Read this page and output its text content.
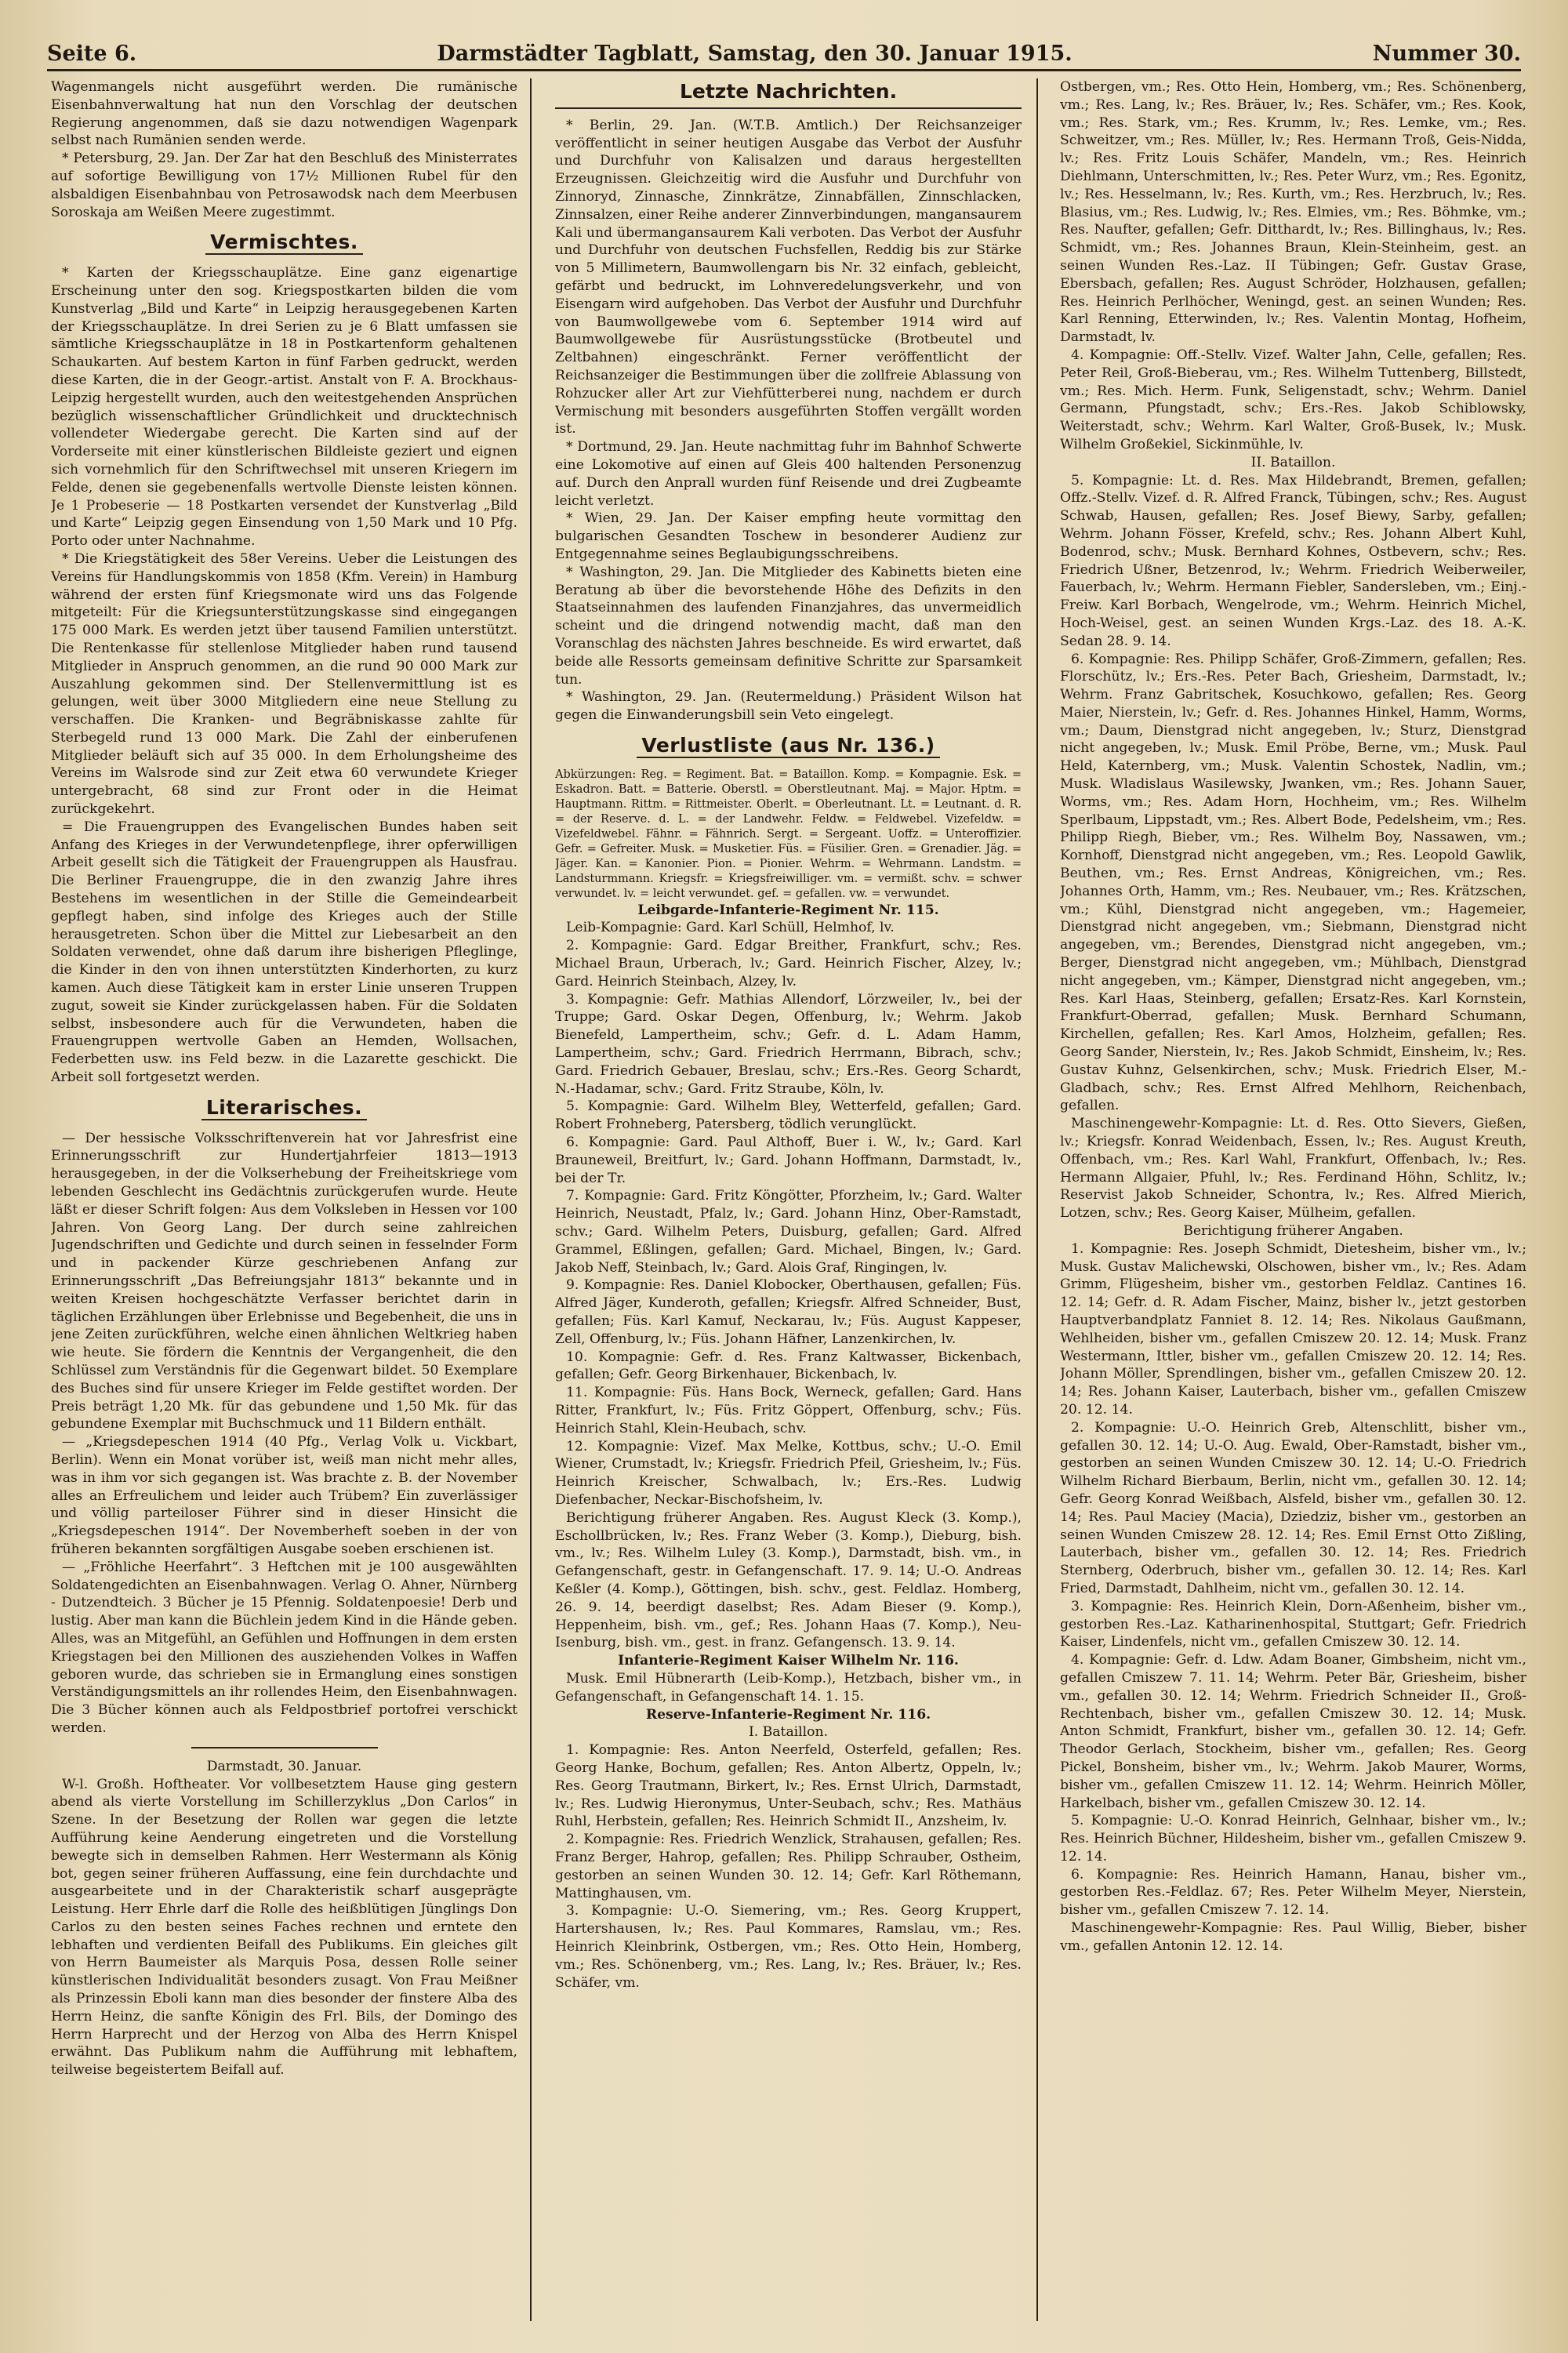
Seite 6.	Darmstädter Tagblatt, Samstag, den 30. Januar 1915.	Nummer 30.

Wagenmangels nicht ausgeführt werden. Die rumänische Eisenbahnverwaltung hat nun den Vorschlag der deutschen Regierung angenommen, daß sie dazu notwendigen Wagenpark selbst nach Rumänien senden werde.

* Petersburg, 29. Jan. Der Zar hat den Beschluß des Ministerrates auf sofortige Bewilligung von 17½ Millionen Rubel für den alsbaldigen Eisenbahnbau von Petrosawodsk nach dem Meerbusen Soroskaja am Weißen Meere zugestimmt.

Vermischtes.

* Karten der Kriegsschauplätze. Eine ganz eigenartige Erscheinung unter den sog. Kriegspostkarten bilden die vom Kunstverlag „Bild und Karte“ in Leipzig herausgegebenen Karten der Kriegsschauplätze. In drei Serien zu je 6 Blatt umfassen sie sämtliche Kriegsschauplätze in 18 in Postkartenform gehaltenen Schaukarten. Auf bestem Karton in fünf Farben gedruckt, werden diese Karten, die in der Geogr.-artist. Anstalt von F. A. Brockhaus-Leipzig hergestellt wurden, auch den weitestgehenden Ansprüchen bezüglich wissenschaftlicher Gründlichkeit und drucktechnisch vollendeter Wiedergabe gerecht. Die Karten sind auf der Vorderseite mit einer künstlerischen Bildleiste geziert und eignen sich vornehmlich für den Schriftwechsel mit unseren Kriegern im Felde, denen sie gegebenenfalls wertvolle Dienste leisten können. Je 1 Probeserie — 18 Postkarten versendet der Kunstverlag „Bild und Karte“ Leipzig gegen Einsendung von 1,50 Mark und 10 Pfg. Porto oder unter Nachnahme.

* Die Kriegstätigkeit des 58er Vereins. Ueber die Leistungen des Vereins für Handlungskommis von 1858 (Kfm. Verein) in Hamburg während der ersten fünf Kriegsmonate wird uns das Folgende mitgeteilt: Für die Kriegsunterstützungskasse sind eingegangen 175 000 Mark. Es werden jetzt über tausend Familien unterstützt. Die Rentenkasse für stellenlose Mitglieder haben rund tausend Mitglieder in Anspruch genommen, an die rund 90 000 Mark zur Auszahlung gekommen sind. Der Stellenvermittlung ist es gelungen, weit über 3000 Mitgliedern eine neue Stellung zu verschaffen. Die Kranken- und Begräbniskasse zahlte für Sterbegeld rund 13 000 Mark. Die Zahl der einberufenen Mitglieder beläuft sich auf 35 000. In dem Erholungsheime des Vereins im Walsrode sind zur Zeit etwa 60 verwundete Krieger untergebracht, 68 sind zur Front oder in die Heimat zurückgekehrt.

= Die Frauengruppen des Evangelischen Bundes haben seit Anfang des Krieges in der Verwundetenpflege, ihrer opferwilligen Arbeit gesellt sich die Tätigkeit der Frauengruppen als Hausfrau. Die Berliner Frauengruppe, die in den zwanzig Jahre ihres Bestehens im wesentlichen in der Stille die Gemeindearbeit gepflegt haben, sind infolge des Krieges auch der Stille herausgetreten. Schon über die Mittel zur Liebesarbeit an den Soldaten verwendet, ohne daß darum ihre bisherigen Pfleglinge, die Kinder in den von ihnen unterstützten Kinderhorten, zu kurz kamen. Auch diese Tätigkeit kam in erster Linie unseren Truppen zugut, soweit sie Kinder zurückgelassen haben. Für die Soldaten selbst, insbesondere auch für die Verwundeten, haben die Frauengruppen wertvolle Gaben an Hemden, Wollsachen, Federbetten usw. ins Feld bezw. in die Lazarette geschickt. Die Arbeit soll fortgesetzt werden.

Literarisches.

— Der hessische Volksschriftenverein hat vor Jahresfrist eine Erinnerungsschrift zur Hundertjahrfeier 1813—1913 herausgegeben, in der die Volkserhebung der Freiheitskriege vom lebenden Geschlecht ins Gedächtnis zurückgerufen wurde. Heute läßt er dieser Schrift folgen: Aus dem Volksleben in Hessen vor 100 Jahren. Von Georg Lang. Der durch seine zahlreichen Jugendschriften und Gedichte und durch seinen in fesselnder Form und in packender Kürze geschriebenen Anfang zur Erinnerungsschrift „Das Befreiungsjahr 1813“ bekannte und in weiten Kreisen hochgeschätzte Verfasser berichtet darin in täglichen Erzählungen über Erlebnisse und Begebenheit, die uns in jene Zeiten zurückführen, welche einen ähnlichen Weltkrieg haben wie heute. Sie fördern die Kenntnis der Vergangenheit, die den Schlüssel zum Verständnis für die Gegenwart bildet. 50 Exemplare des Buches sind für unsere Krieger im Felde gestiftet worden. Der Preis beträgt 1,20 Mk. für das gebundene und 1,50 Mk. für das gebundene Exemplar mit Buchschmuck und 11 Bildern enthält.

— „Kriegsdepeschen 1914 (40 Pfg., Verlag Volk u. Vickbart, Berlin). Wenn ein Monat vorüber ist, weiß man nicht mehr alles, was in ihm vor sich gegangen ist. Was brachte z. B. der November alles an Erfreulichem und leider auch Trübem? Ein zuverlässiger und völlig parteiloser Führer sind in dieser Hinsicht die „Kriegsdepeschen 1914“. Der Novemberheft soeben in der von früheren bekannten sorgfältigen Ausgabe soeben erschienen ist.

— „Fröhliche Heerfahrt“. 3 Heftchen mit je 100 ausgewählten Soldatengedichten an Eisenbahnwagen. Verlag O. Ahner, Nürnberg - Dutzendteich. 3 Bücher je 15 Pfennig. Soldatenpoesie! Derb und lustig. Aber man kann die Büchlein jedem Kind in die Hände geben. Alles, was an Mitgefühl, an Gefühlen und Hoffnungen in dem ersten Kriegstagen bei den Millionen des ausziehenden Volkes in Waffen geboren wurde, das schrieben sie in Ermanglung eines sonstigen Verständigungsmittels an ihr rollendes Heim, den Eisenbahnwagen. Die 3 Bücher können auch als Feldpostbrief portofrei verschickt werden.

Darmstadt, 30. Januar.

W-l. Großh. Hoftheater. Vor vollbesetztem Hause ging gestern abend als vierte Vorstellung im Schillerzyklus „Don Carlos“ in Szene. In der Besetzung der Rollen war gegen die letzte Aufführung keine Aenderung eingetreten und die Vorstellung bewegte sich in demselben Rahmen. Herr Westermann als König bot, gegen seiner früheren Auffassung, eine fein durchdachte und ausgearbeitete und in der Charakteristik scharf ausgeprägte Leistung. Herr Ehrle darf die Rolle des heißblütigen Jünglings Don Carlos zu den besten seines Faches rechnen und erntete den lebhaften und verdienten Beifall des Publikums. Ein gleiches gilt von Herrn Baumeister als Marquis Posa, dessen Rolle seiner künstlerischen Individualität besonders zusagt. Von Frau Meißner als Prinzessin Eboli kann man dies besonder der finstere Alba des Herrn Heinz, die sanfte Königin des Frl. Bils, der Domingo des Herrn Harprecht und der Herzog von Alba des Herrn Knispel erwähnt. Das Publikum nahm die Aufführung mit lebhaftem, teilweise begeistertem Beifall auf.

Letzte Nachrichten.

* Berlin, 29. Jan. (W.T.B. Amtlich.) Der Reichsanzeiger veröffentlicht in seiner heutigen Ausgabe das Verbot der Ausfuhr und Durchfuhr von Kalisalzen und daraus hergestellten Erzeugnissen. Gleichzeitig wird die Ausfuhr und Durchfuhr von Zinnoryd, Zinnasche, Zinnkrätze, Zinnabfällen, Zinnschlacken, Zinnsalzen, einer Reihe anderer Zinnverbindungen, mangansaurem Kali und übermangansaurem Kali verboten. Das Verbot der Ausfuhr und Durchfuhr von deutschen Fuchsfellen, Reddig bis zur Stärke von 5 Millimetern, Baumwollengarn bis Nr. 32 einfach, gebleicht, gefärbt und bedruckt, im Lohnveredelungsverkehr, und von Eisengarn wird aufgehoben. Das Verbot der Ausfuhr und Durchfuhr von Baumwollgewebe vom 6. September 1914 wird auf Baumwollgewebe für Ausrüstungsstücke (Brotbeutel und Zeltbahnen) eingeschränkt. Ferner veröffentlicht der Reichsanzeiger die Bestimmungen über die zollfreie Ablassung von Rohzucker aller Art zur Viehfütterberei nung, nachdem er durch Vermischung mit besonders ausgeführten Stoffen vergällt worden ist.

* Dortmund, 29. Jan. Heute nachmittag fuhr im Bahnhof Schwerte eine Lokomotive auf einen auf Gleis 400 haltenden Personenzug auf. Durch den Anprall wurden fünf Reisende und drei Zugbeamte leicht verletzt.

* Wien, 29. Jan. Der Kaiser empfing heute vormittag den bulgarischen Gesandten Toschew in besonderer Audienz zur Entgegennahme seines Beglaubigungsschreibens.

* Washington, 29. Jan. Die Mitglieder des Kabinetts bieten eine Beratung ab über die bevorstehende Höhe des Defizits in den Staatseinnahmen des laufenden Finanzjahres, das unvermeidlich scheint und die dringend notwendig macht, daß man den Voranschlag des nächsten Jahres beschneide. Es wird erwartet, daß beide alle Ressorts gemeinsam definitive Schritte zur Sparsamkeit tun.

* Washington, 29. Jan. (Reutermeldung.) Präsident Wilson hat gegen die Einwanderungsbill sein Veto eingelegt.

Verlustliste (aus Nr. 136.)

Abkürzungen: Reg. = Regiment. Bat. = Bataillon. Komp. = Kompagnie. Esk. = Eskadron. Batt. = Batterie. Oberstl. = Oberstleutnant. Maj. = Major. Hptm. = Hauptmann. Rittm. = Rittmeister. Oberlt. = Oberleutnant. Lt. = Leutnant. d. R. = der Reserve. d. L. = der Landwehr. Feldw. = Feldwebel. Vizefeldw. = Vizefeldwebel. Fähnr. = Fähnrich. Sergt. = Sergeant. Uoffz. = Unteroffizier. Gefr. = Gefreiter. Musk. = Musketier. Füs. = Füsilier. Gren. = Grenadier. Jäg. = Jäger. Kan. = Kanonier. Pion. = Pionier. Wehrm. = Wehrmann. Landstm. = Landsturmmann. Kriegsfr. = Kriegsfreiwilliger. vm. = vermißt. schv. = schwer verwundet. lv. = leicht verwundet. gef. = gefallen. vw. = verwundet.

Leibgarde-Infanterie-Regiment Nr. 115.

Leib-Kompagnie: Gard. Karl Schüll, Helmhof, lv.

2. Kompagnie: Gard. Edgar Breither, Frankfurt, schv.; Res. Michael Braun, Urberach, lv.; Gard. Heinrich Fischer, Alzey, lv.; Gard. Heinrich Steinbach, Alzey, lv.

3. Kompagnie: Gefr. Mathias Allendorf, Lörzweiler, lv., bei der Truppe; Gard. Oskar Degen, Offenburg, lv.; Wehrm. Jakob Bienefeld, Lampertheim, schv.; Gefr. d. L. Adam Hamm, Lampertheim, schv.; Gard. Friedrich Herrmann, Bibrach, schv.; Gard. Friedrich Gebauer, Breslau, schv.; Ers.-Res. Georg Schardt, N.-Hadamar, schv.; Gard. Fritz Straube, Köln, lv.

5. Kompagnie: Gard. Wilhelm Bley, Wetterfeld, gefallen; Gard. Robert Frohneberg, Patersberg, tödlich verunglückt.

6. Kompagnie: Gard. Paul Althoff, Buer i. W., lv.; Gard. Karl Brauneweil, Breitfurt, lv.; Gard. Johann Hoffmann, Darmstadt, lv., bei der Tr.

7. Kompagnie: Gard. Fritz Köngötter, Pforzheim, lv.; Gard. Walter Heinrich, Neustadt, Pfalz, lv.; Gard. Johann Hinz, Ober-Ramstadt, schv.; Gard. Wilhelm Peters, Duisburg, gefallen; Gard. Alfred Grammel, Eßlingen, gefallen; Gard. Michael, Bingen, lv.; Gard. Jakob Neff, Steinbach, lv.; Gard. Alois Graf, Ringingen, lv.

9. Kompagnie: Res. Daniel Klobocker, Oberthausen, gefallen; Füs. Alfred Jäger, Kunderoth, gefallen; Kriegsfr. Alfred Schneider, Bust, gefallen; Füs. Karl Kamuf, Neckarau, lv.; Füs. August Kappeser, Zell, Offenburg, lv.; Füs. Johann Häfner, Lanzenkirchen, lv.

10. Kompagnie: Gefr. d. Res. Franz Kaltwasser, Bickenbach, gefallen; Gefr. Georg Birkenhauer, Bickenbach, lv.

11. Kompagnie: Füs. Hans Bock, Werneck, gefallen; Gard. Hans Ritter, Frankfurt, lv.; Füs. Fritz Göppert, Offenburg, schv.; Füs. Heinrich Stahl, Klein-Heubach, schv.

12. Kompagnie: Vizef. Max Melke, Kottbus, schv.; U.-O. Emil Wiener, Crumstadt, lv.; Kriegsfr. Friedrich Pfeil, Griesheim, lv.; Füs. Heinrich Kreischer, Schwalbach, lv.; Ers.-Res. Ludwig Diefenbacher, Neckar-Bischofsheim, lv.

Berichtigung früherer Angaben. Res. August Kleck (3. Komp.), Eschollbrücken, lv.; Res. Franz Weber (3. Komp.), Dieburg, bish. vm., lv.; Res. Wilhelm Luley (3. Komp.), Darmstadt, bish. vm., in Gefangenschaft, gestr. in Gefangenschaft. 17. 9. 14; U.-O. Andreas Keßler (4. Komp.), Göttingen, bish. schv., gest. Feldlaz. Homberg, 26. 9. 14, beerdigt daselbst; Res. Adam Bieser (9. Komp.), Heppenheim, bish. vm., gef.; Res. Johann Haas (7. Komp.), Neu-Isenburg, bish. vm., gest. in franz. Gefangensch. 13. 9. 14.

Infanterie-Regiment Kaiser Wilhelm Nr. 116.

Musk. Emil Hübnerarth (Leib-Komp.), Hetzbach, bisher vm., in Gefangenschaft, in Gefangenschaft 14. 1. 15.

Reserve-Infanterie-Regiment Nr. 116.

I. Bataillon.

1. Kompagnie: Res. Anton Neerfeld, Osterfeld, gefallen; Res. Georg Hanke, Bochum, gefallen; Res. Anton Albertz, Oppeln, lv.; Res. Georg Trautmann, Birkert, lv.; Res. Ernst Ulrich, Darmstadt, lv.; Res. Ludwig Hieronymus, Unter-Seubach, schv.; Res. Mathäus Ruhl, Herbstein, gefallen; Res. Heinrich Schmidt II., Anzsheim, lv.

2. Kompagnie: Res. Friedrich Wenzlick, Strahausen, gefallen; Res. Franz Berger, Hahrop, gefallen; Res. Philipp Schrauber, Ostheim, gestorben an seinen Wunden 30. 12. 14; Gefr. Karl Röthemann, Mattinghausen, vm.

3. Kompagnie: U.-O. Siemering, vm.; Res. Georg Kruppert, Hartershausen, lv.; Res. Paul Kommares, Ramslau, vm.; Res. Heinrich Kleinbrink, Ostbergen, vm.; Res. Otto Hein, Homberg, vm.; Res. Schönenberg, vm.; Res. Lang, lv.; Res. Bräuer, lv.; Res. Schäfer, vm.

Ostbergen, vm.; Res. Otto Hein, Homberg, vm.; Res. Schönenberg, vm.; Res. Lang, lv.; Res. Bräuer, lv.; Res. Schäfer, vm.; Res. Kook, vm.; Res. Stark, vm.; Res. Krumm, lv.; Res. Lemke, vm.; Res. Schweitzer, vm.; Res. Müller, lv.; Res. Hermann Troß, Geis-Nidda, lv.; Res. Fritz Louis Schäfer, Mandeln, vm.; Res. Heinrich Diehlmann, Unterschmitten, lv.; Res. Peter Wurz, vm.; Res. Egonitz, lv.; Res. Hesselmann, lv.; Res. Kurth, vm.; Res. Herzbruch, lv.; Res. Blasius, vm.; Res. Ludwig, lv.; Res. Elmies, vm.; Res. Böhmke, vm.; Res. Naufter, gefallen; Gefr. Ditthardt, lv.; Res. Billinghaus, lv.; Res. Schmidt, vm.; Res. Johannes Braun, Klein-Steinheim, gest. an seinen Wunden Res.-Laz. II Tübingen; Gefr. Gustav Grase, Ebersbach, gefallen; Res. August Schröder, Holzhausen, gefallen; Res. Heinrich Perlhöcher, Weningd, gest. an seinen Wunden; Res. Karl Renning, Etterwinden, lv.; Res. Valentin Montag, Hofheim, Darmstadt, lv.

4. Kompagnie: Off.-Stellv. Vizef. Walter Jahn, Celle, gefallen; Res. Peter Reil, Groß-Bieberau, vm.; Res. Wilhelm Tuttenberg, Billstedt, vm.; Res. Mich. Herm. Funk, Seligenstadt, schv.; Wehrm. Daniel Germann, Pfungstadt, schv.; Ers.-Res. Jakob Schiblowsky, Weiterstadt, schv.; Wehrm. Karl Walter, Groß-Busek, lv.; Musk. Wilhelm Großekiel, Sickinmühle, lv.

II. Bataillon.

5. Kompagnie: Lt. d. Res. Max Hildebrandt, Bremen, gefallen; Offz.-Stellv. Vizef. d. R. Alfred Franck, Tübingen, schv.; Res. August Schwab, Hausen, gefallen; Res. Josef Biewy, Sarby, gefallen; Wehrm. Johann Fösser, Krefeld, schv.; Res. Johann Albert Kuhl, Bodenrod, schv.; Musk. Bernhard Kohnes, Ostbevern, schv.; Res. Friedrich Ußner, Betzenrod, lv.; Wehrm. Friedrich Weiberweiler, Fauerbach, lv.; Wehrm. Hermann Fiebler, Sandersleben, vm.; Einj.-Freiw. Karl Borbach, Wengelrode, vm.; Wehrm. Heinrich Michel, Hoch-Weisel, gest. an seinen Wunden Krgs.-Laz. des 18. A.-K. Sedan 28. 9. 14.

6. Kompagnie: Res. Philipp Schäfer, Groß-Zimmern, gefallen; Res. Florschütz, lv.; Ers.-Res. Peter Bach, Griesheim, Darmstadt, lv.; Wehrm. Franz Gabritschek, Kosuchkowo, gefallen; Res. Georg Maier, Nierstein, lv.; Gefr. d. Res. Johannes Hinkel, Hamm, Worms, vm.; Daum, Dienstgrad nicht angegeben, lv.; Sturz, Dienstgrad nicht angegeben, lv.; Musk. Emil Pröbe, Berne, vm.; Musk. Paul Held, Katernberg, vm.; Musk. Valentin Schostek, Nadlin, vm.; Musk. Wladislaus Wasilewsky, Jwanken, vm.; Res. Johann Sauer, Worms, vm.; Res. Adam Horn, Hochheim, vm.; Res. Wilhelm Sperlbaum, Lippstadt, vm.; Res. Albert Bode, Pedelsheim, vm.; Res. Philipp Riegh, Bieber, vm.; Res. Wilhelm Boy, Nassawen, vm.; Kornhoff, Dienstgrad nicht angegeben, vm.; Res. Leopold Gawlik, Beuthen, vm.; Res. Ernst Andreas, Königreichen, vm.; Res. Johannes Orth, Hamm, vm.; Res. Neubauer, vm.; Res. Krätzschen, vm.; Kühl, Dienstgrad nicht angegeben, vm.; Hagemeier, Dienstgrad nicht angegeben, vm.; Siebmann, Dienstgrad nicht angegeben, vm.; Berendes, Dienstgrad nicht angegeben, vm.; Berger, Dienstgrad nicht angegeben, vm.; Mühlbach, Dienstgrad nicht angegeben, vm.; Kämper, Dienstgrad nicht angegeben, vm.; Res. Karl Haas, Steinberg, gefallen; Ersatz-Res. Karl Kornstein, Frankfurt-Oberrad, gefallen; Musk. Bernhard Schumann, Kirchellen, gefallen; Res. Karl Amos, Holzheim, gefallen; Res. Georg Sander, Nierstein, lv.; Res. Jakob Schmidt, Einsheim, lv.; Res. Gustav Kuhnz, Gelsenkirchen, schv.; Musk. Friedrich Elser, M.-Gladbach, schv.; Res. Ernst Alfred Mehlhorn, Reichenbach, gefallen.

Maschinengewehr-Kompagnie: Lt. d. Res. Otto Sievers, Gießen, lv.; Kriegsfr. Konrad Weidenbach, Essen, lv.; Res. August Kreuth, Offenbach, vm.; Res. Karl Wahl, Frankfurt, Offenbach, lv.; Res. Hermann Allgaier, Pfuhl, lv.; Res. Ferdinand Höhn, Schlitz, lv.; Reservist Jakob Schneider, Schontra, lv.; Res. Alfred Mierich, Lotzen, schv.; Res. Georg Kaiser, Mülheim, gefallen.

Berichtigung früherer Angaben.

1. Kompagnie: Res. Joseph Schmidt, Dietesheim, bisher vm., lv.; Musk. Gustav Malichewski, Olschowen, bisher vm., lv.; Res. Adam Grimm, Flügesheim, bisher vm., gestorben Feldlaz. Cantines 16. 12. 14; Gefr. d. R. Adam Fischer, Mainz, bisher lv., jetzt gestorben Hauptverbandplatz Fanniet 8. 12. 14; Res. Nikolaus Gaußmann, Wehlheiden, bisher vm., gefallen Cmiszew 20. 12. 14; Musk. Franz Westermann, Ittler, bisher vm., gefallen Cmiszew 20. 12. 14; Res. Johann Möller, Sprendlingen, bisher vm., gefallen Cmiszew 20. 12. 14; Res. Johann Kaiser, Lauterbach, bisher vm., gefallen Cmiszew 20. 12. 14.

2. Kompagnie: U.-O. Heinrich Greb, Altenschlitt, bisher vm., gefallen 30. 12. 14; U.-O. Aug. Ewald, Ober-Ramstadt, bisher vm., gestorben an seinen Wunden Cmiszew 30. 12. 14; U.-O. Friedrich Wilhelm Richard Bierbaum, Berlin, nicht vm., gefallen 30. 12. 14; Gefr. Georg Konrad Weißbach, Alsfeld, bisher vm., gefallen 30. 12. 14; Res. Paul Maciey (Macia), Dziedziz, bisher vm., gestorben an seinen Wunden Cmiszew 28. 12. 14; Res. Emil Ernst Otto Zißling, Lauterbach, bisher vm., gefallen 30. 12. 14; Res. Friedrich Sternberg, Oderbruch, bisher vm., gefallen 30. 12. 14; Res. Karl Fried, Darmstadt, Dahlheim, nicht vm., gefallen 30. 12. 14.

3. Kompagnie: Res. Heinrich Klein, Dorn-Aßenheim, bisher vm., gestorben Res.-Laz. Katharinenhospital, Stuttgart; Gefr. Friedrich Kaiser, Lindenfels, nicht vm., gefallen Cmiszew 30. 12. 14.

4. Kompagnie: Gefr. d. Ldw. Adam Boaner, Gimbsheim, nicht vm., gefallen Cmiszew 7. 11. 14; Wehrm. Peter Bär, Griesheim, bisher vm., gefallen 30. 12. 14; Wehrm. Friedrich Schneider II., Groß-Rechtenbach, bisher vm., gefallen Cmiszew 30. 12. 14; Musk. Anton Schmidt, Frankfurt, bisher vm., gefallen 30. 12. 14; Gefr. Theodor Gerlach, Stockheim, bisher vm., gefallen; Res. Georg Pickel, Bonsheim, bisher vm., lv.; Wehrm. Jakob Maurer, Worms, bisher vm., gefallen Cmiszew 11. 12. 14; Wehrm. Heinrich Möller, Harkelbach, bisher vm., gefallen Cmiszew 30. 12. 14.

5. Kompagnie: U.-O. Konrad Heinrich, Gelnhaar, bisher vm., lv.; Res. Heinrich Büchner, Hildesheim, bisher vm., gefallen Cmiszew 9. 12. 14.

6. Kompagnie: Res. Heinrich Hamann, Hanau, bisher vm., gestorben Res.-Feldlaz. 67; Res. Peter Wilhelm Meyer, Nierstein, bisher vm., gefallen Cmiszew 7. 12. 14.

Maschinengewehr-Kompagnie: Res. Paul Willig, Bieber, bisher vm., gefallen Antonin 12. 12. 14.
